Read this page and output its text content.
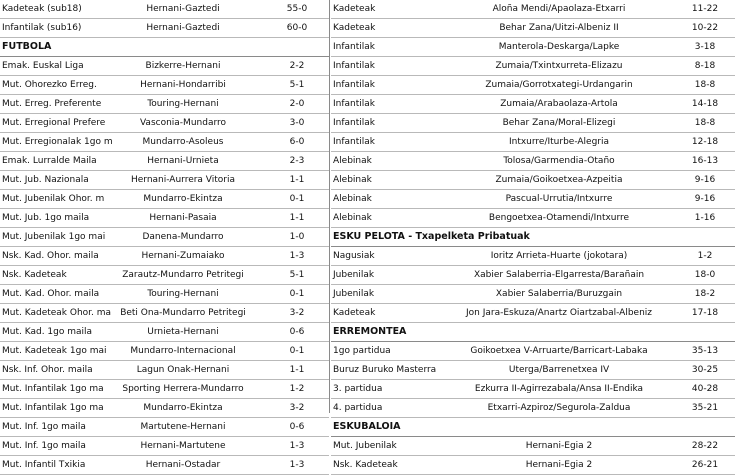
Kadeteak (sub18)	Hernani-Gaztedi	55-0
Infantilak (sub16)	Hernani-Gaztedi	60-0
FUTBOLA
Emak. Euskal Liga	Bizkerre-Hernani	2-2
Mut. Ohorezko Erreg.	Hernani-Hondarribi	5-1
Mut. Erreg. Preferente	Touring-Hernani	2-0
Mut. Erregional Prefere	Vasconia-Mundarro	3-0
Mut. Erregionalak 1go m	Mundarro-Asoleus	6-0
Emak. Lurralde Maila	Hernani-Urnieta	2-3
Mut. Jub. Nazionala	Hernani-Aurrera Vitoria	1-1
Mut. Jubenilak Ohor. m	Mundarro-Ekintza	0-1
Mut. Jub. 1go maila	Hernani-Pasaia	1-1
Mut. Jubenilak 1go mai	Danena-Mundarro	1-0
Nsk. Kad. Ohor. maila	Hernani-Zumaiako	1-3
Nsk. Kadeteak	Zarautz-Mundarro Petritegi	5-1
Mut. Kad. Ohor. maila	Touring-Hernani	0-1
Mut. Kadeteak Ohor. ma	Beti Ona-Mundarro Petritegi	3-2
Mut. Kad. 1go maila	Urnieta-Hernani	0-6
Mut. Kadeteak 1go mai	Mundarro-Internacional	0-1
Nsk. Inf. Ohor. maila	Lagun Onak-Hernani	1-1
Mut. Infantilak 1go ma	Sporting Herrera-Mundarro	1-2
Mut. Infantilak 1go ma	Mundarro-Ekintza	3-2
Mut. Inf. 1go maila	Martutene-Hernani	0-6
Mut. Inf. 1go maila	Hernani-Martutene	1-3
Mut. Infantil Txikia	Hernani-Ostadar	1-3
Kadeteak	Aloña Mendi/Apaolaza-Etxarri	11-22
Kadeteak	Behar Zana/Uitzi-Albeniz II	10-22
Infantilak	Manterola-Deskarga/Lapke	3-18
Infantilak	Zumaia/Txintxurreta-Elizazu	8-18
Infantilak	Zumaia/Gorrotxategi-Urdangarin	18-8
Infantilak	Zumaia/Arabaolaza-Artola	14-18
Infantilak	Behar Zana/Moral-Elizegi	18-8
Infantilak	Intxurre/Iturbe-Alegria	12-18
Alebinak	Tolosa/Garmendia-Otaño	16-13
Alebinak	Zumaia/Goikoetxea-Azpeitia	9-16
Alebinak	Pascual-Urrutia/Intxurre	9-16
Alebinak	Bengoetxea-Otamendi/Intxurre	1-16
ESKU PELOTA - Txapelketa Pribatuak
Nagusiak	Ioritz Arrieta-Huarte (jokotara)	1-2
Jubenilak	Xabier Salaberria-Elgarresta/Barañain	18-0
Jubenilak	Xabier Salaberria/Buruzgain	18-2
Kadeteak	Jon Jara-Eskuza/Anartz Oiartzabal-Albeniz	17-18
ERREMONTEA
1go partidua	Goikoetxea V-Arruarte/Barricart-Labaka	35-13
Buruz Buruko Masterra	Uterga/Barrenetxea IV	30-25
3. partidua	Ezkurra II-Agirrezabala/Ansa II-Endika	40-28
4. partidua	Etxarri-Azpiroz/Segurola-Zaldua	35-21
ESKUBALOIA
Mut. Jubenilak	Hernani-Egia 2	28-22
Nsk. Kadeteak	Hernani-Egia 2	26-21
